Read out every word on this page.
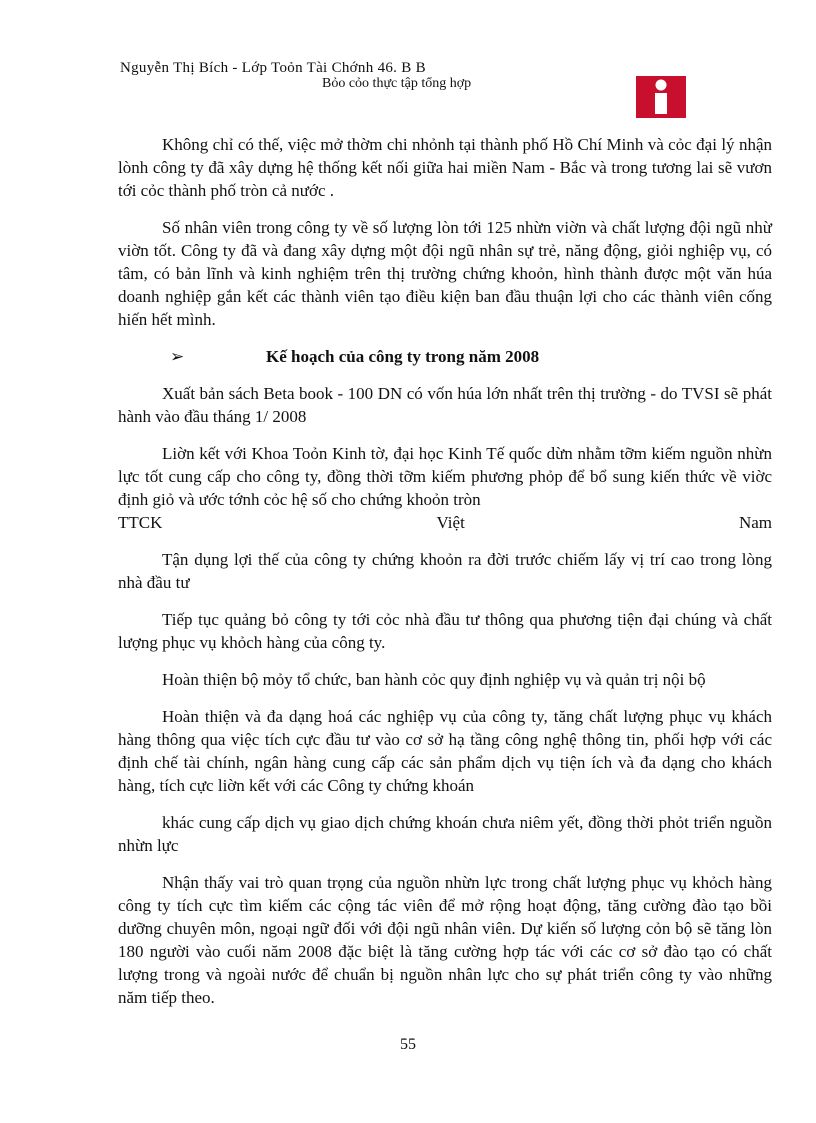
Nguyễn Thị Bích - Lớp Toỏn Tài Chớnh 46. B B
Bỏo cỏo thực tập tổng hợp

Không chỉ có thế, việc mở thờm chi nhỏnh tại thành phố Hồ Chí Minh và cỏc đại lý nhận lònh công ty đã xây dựng hệ thống kết nối giữa hai miền Nam - Bắc và trong tương lai sẽ vươn tới cỏc thành phố tròn cả nước .

Số nhân viên trong công ty về số lượng lòn tới 125 nhừn viờn và chất lượng đội ngũ nhừ viờn tốt. Công ty đã và đang xây dựng một đội ngũ nhân sự trẻ, năng động, giỏi nghiệp vụ, có tâm, có bản lĩnh và kinh nghiệm trên thị trường chứng khoỏn, hình thành được một văn húa doanh nghiệp gắn kết các thành viên tạo điều kiện ban đầu thuận lợi cho các thành viên cống hiến hết mình.

➢	Kế hoạch của công ty trong năm 2008

Xuất bản sách Beta book - 100 DN có vốn húa lớn nhất trên thị trường - do TVSI sẽ phát hành vào đầu tháng 1/ 2008

Liờn kết với Khoa Toỏn Kinh tờ, đại học Kinh Tế quốc dừn nhằm tỡm kiếm nguồn nhừn lực tốt cung cấp cho công ty, đồng thời tỡm kiếm phương phỏp để bổ sung kiến thức về viờc định giỏ và ước tớnh cỏc hệ số cho chứng khoỏn tròn

TTCK	Việt	Nam

Tận dụng lợi thế của công ty chứng khoỏn ra đời trước chiếm lấy vị trí cao trong lòng nhà đầu tư

Tiếp tục quảng bỏ công ty tới cỏc nhà đầu tư thông qua phương tiện đại chúng và chất lượng phục vụ khỏch hàng của công ty.

Hoàn thiện bộ mỏy tổ chức, ban hành cỏc quy định nghiệp vụ và quản trị nội bộ

Hoàn thiện và đa dạng hoá các nghiệp vụ của công ty, tăng chất lượng phục vụ khách hàng thông qua việc tích cực đầu tư vào cơ sở hạ tầng công nghệ thông tin, phối hợp với các định chế tài chính, ngân hàng cung cấp các sản phẩm dịch vụ tiện ích và đa dạng cho khách hàng, tích cực liờn kết với các Công ty chứng khoán

khác cung cấp dịch vụ giao dịch chứng khoán chưa niêm yết, đồng thời phỏt triển nguồn nhừn lực

Nhận thấy vai trò quan trọng của nguồn nhừn lực trong chất lượng phục vụ khỏch hàng công ty tích cực tìm kiếm các cộng tác viên để mở rộng hoạt động, tăng cường đào tạo bồi dưỡng chuyên môn, ngoại ngữ đối với đội ngũ nhân viên. Dự kiến số lượng cỏn bộ sẽ tăng lòn 180 người vào cuối năm 2008 đặc biệt là tăng cường hợp tác với các cơ sở đào tạo có chất lượng trong và ngoài nước để chuẩn bị nguồn nhân lực cho sự phát triển công ty vào những năm tiếp theo.

55
